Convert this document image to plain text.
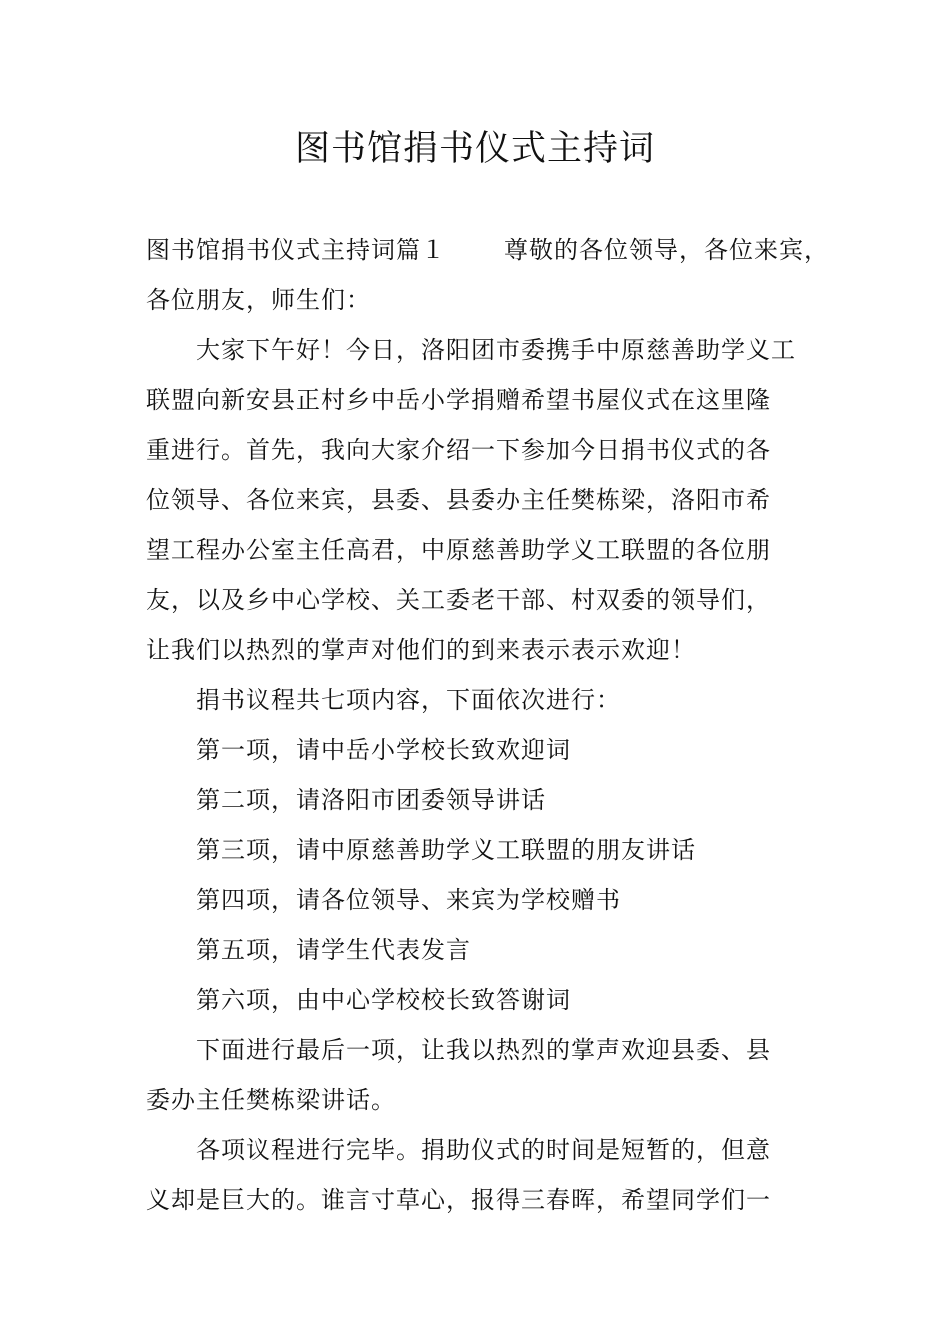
图书馆捐书仪式主持词
图书馆捐书仪式主持词篇１ 尊敬的各位领导，各位来宾，
各位朋友，师生们：
大家下午好！今日，洛阳团市委携手中原慈善助学义工
联盟向新安县正村乡中岳小学捐赠希望书屋仪式在这里隆
重进行。首先，我向大家介绍一下参加今日捐书仪式的各
位领导、各位来宾，县委、县委办主任樊栋梁，洛阳市希
望工程办公室主任高君，中原慈善助学义工联盟的各位朋
友，以及乡中心学校、关工委老干部、村双委的领导们，
让我们以热烈的掌声对他们的到来表示表示欢迎！
捐书议程共七项内容，下面依次进行：
第一项，请中岳小学校长致欢迎词
第二项，请洛阳市团委领导讲话
第三项，请中原慈善助学义工联盟的朋友讲话
第四项，请各位领导、来宾为学校赠书
第五项，请学生代表发言
第六项，由中心学校校长致答谢词
下面进行最后一项，让我以热烈的掌声欢迎县委、县
委办主任樊栋梁讲话。
各项议程进行完毕。捐助仪式的时间是短暂的，但意
义却是巨大的。谁言寸草心，报得三春晖，希望同学们一
